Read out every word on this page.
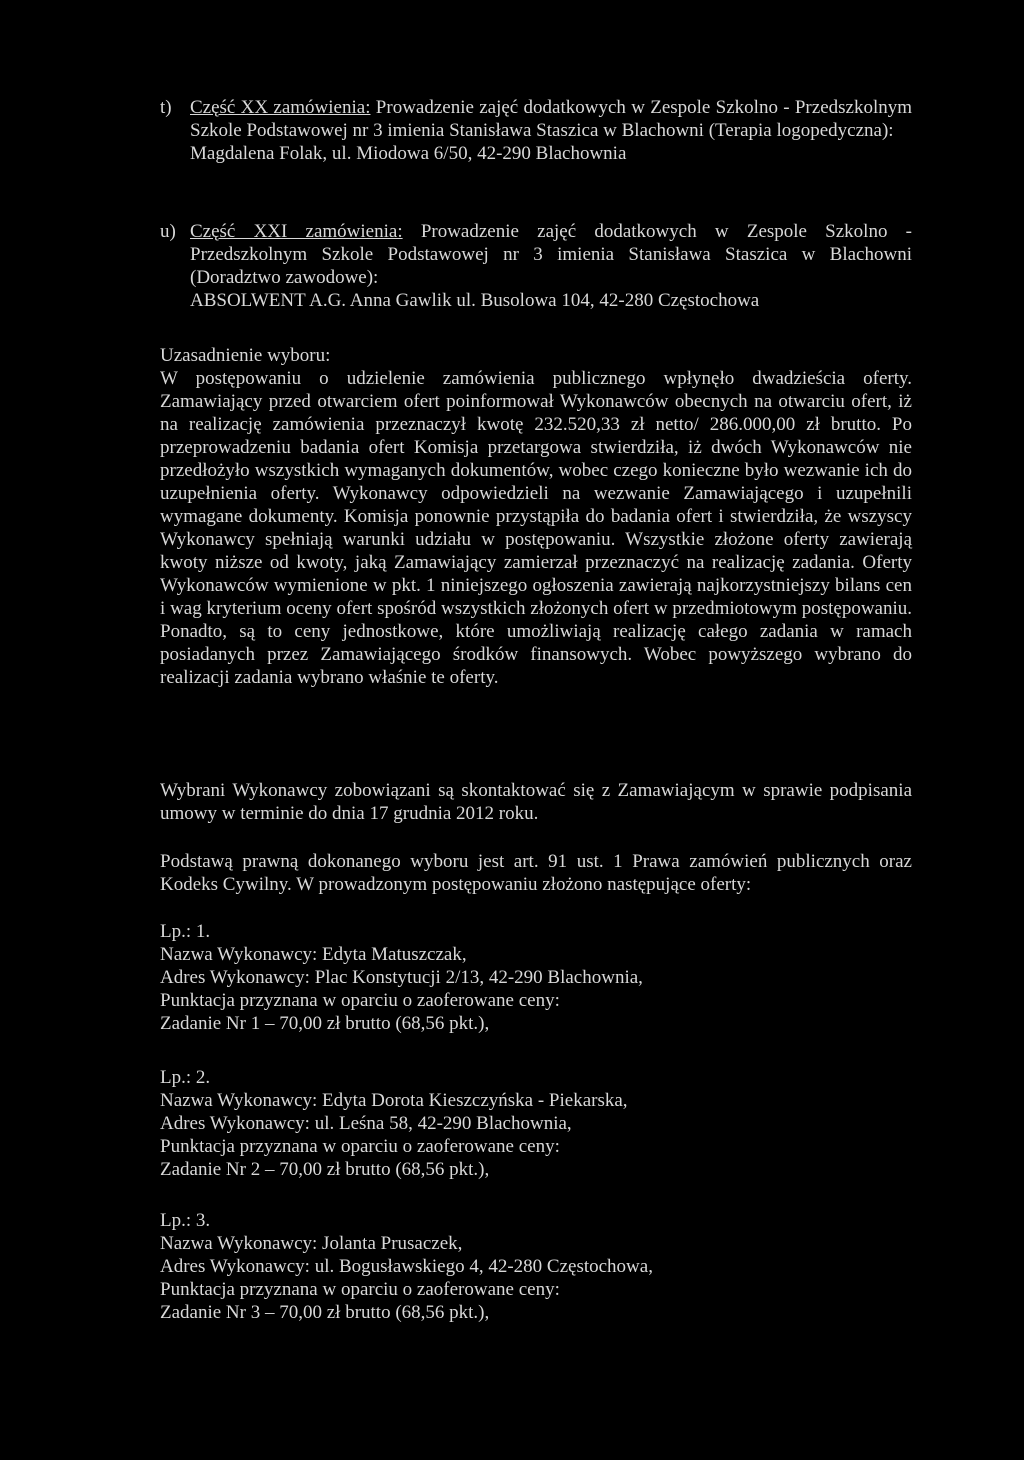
t) Część XX zamówienia: Prowadzenie zajęć dodatkowych w Zespole Szkolno - Przedszkolnym Szkole Podstawowej nr 3 imienia Stanisława Staszica w Blachowni (Terapia logopedyczna):
Magdalena Folak, ul. Miodowa 6/50, 42-290 Blachownia
u) Część XXI zamówienia: Prowadzenie zajęć dodatkowych w Zespole Szkolno - Przedszkolnym Szkole Podstawowej nr 3 imienia Stanisława Staszica w Blachowni (Doradztwo zawodowe):
ABSOLWENT A.G. Anna Gawlik ul. Busolowa 104, 42-280 Częstochowa
Uzasadnienie wyboru:
W postępowaniu o udzielenie zamówienia publicznego wpłynęło dwadzieścia oferty. Zamawiający przed otwarciem ofert poinformował Wykonawców obecnych na otwarciu ofert, iż na realizację zamówienia przeznaczył kwotę 232.520,33 zł netto/ 286.000,00 zł brutto. Po przeprowadzeniu badania ofert Komisja przetargowa stwierdziła, iż dwóch Wykonawców nie przedłożyło wszystkich wymaganych dokumentów, wobec czego konieczne było wezwanie ich do uzupełnienia oferty. Wykonawcy odpowiedzieli na wezwanie Zamawiającego i uzupełnili wymagane dokumenty. Komisja ponownie przystąpiła do badania ofert i stwierdziła, że wszyscy Wykonawcy spełniają warunki udziału w postępowaniu. Wszystkie złożone oferty zawierają kwoty niższe od kwoty, jaką Zamawiający zamierzał przeznaczyć na realizację zadania. Oferty Wykonawców wymienione w pkt. 1 niniejszego ogłoszenia zawierają najkorzystniejszy bilans cen i wag kryterium oceny ofert spośród wszystkich złożonych ofert w przedmiotowym postępowaniu. Ponadto, są to ceny jednostkowe, które umożliwiają realizację całego zadania w ramach posiadanych przez Zamawiającego środków finansowych. Wobec powyższego wybrano do realizacji zadania wybrano właśnie te oferty.
Wybrani Wykonawcy zobowiązani są skontaktować się z Zamawiającym w sprawie podpisania umowy w terminie do dnia 17 grudnia 2012 roku.
Podstawą prawną dokonanego wyboru jest art. 91 ust. 1 Prawa zamówień publicznych oraz Kodeks Cywilny. W prowadzonym postępowaniu złożono następujące oferty:
Lp.: 1.
Nazwa Wykonawcy: Edyta Matuszczak,
Adres Wykonawcy: Plac Konstytucji 2/13, 42-290 Blachownia,
Punktacja przyznana w oparciu o zaoferowane ceny:
Zadanie Nr 1 – 70,00 zł brutto (68,56 pkt.),
Lp.: 2.
Nazwa Wykonawcy: Edyta Dorota Kieszczyńska - Piekarska,
Adres Wykonawcy: ul. Leśna 58, 42-290 Blachownia,
Punktacja przyznana w oparciu o zaoferowane ceny:
Zadanie Nr 2 – 70,00 zł brutto (68,56 pkt.),
Lp.: 3.
Nazwa Wykonawcy: Jolanta Prusaczek,
Adres Wykonawcy: ul. Bogusławskiego 4, 42-280 Częstochowa,
Punktacja przyznana w oparciu o zaoferowane ceny:
Zadanie Nr 3 – 70,00 zł brutto (68,56 pkt.),
